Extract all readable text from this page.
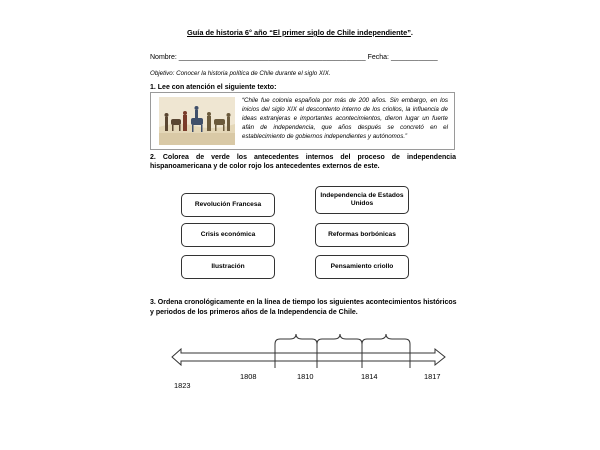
Guía de historia 6° año “El primer siglo de Chile independiente”.
Nombre: ________________________________________________ Fecha: ____________
Objetivo: Conocer la historia política de Chile durante el siglo XIX.
1. Lee con atención el siguiente texto:
“Chile fue colonia española por más de 200 años. Sin embargo, en los inicios del siglo XIX el descontento interno de los criollos, la influencia de ideas extranjeras e importantes acontecimientos, dieron lugar un fuerte afán de independencia, que años después se concretó en el establecimiento de gobiernos independientes y autónomos.”
2. Colorea de verde los antecedentes internos del proceso de independencia hispanoamericana y de color rojo los antecedentes externos de este.
Revolución Francesa
Independencia de Estados Unidos
Crisis económica	Reformas borbónicas
Ilustración	Pensamiento criollo
3. Ordena cronológicamente en la línea de tiempo los siguientes acontecimientos históricos y periodos de los primeros años de la Independencia de Chile.
1823
1808	1810	1814	1817
